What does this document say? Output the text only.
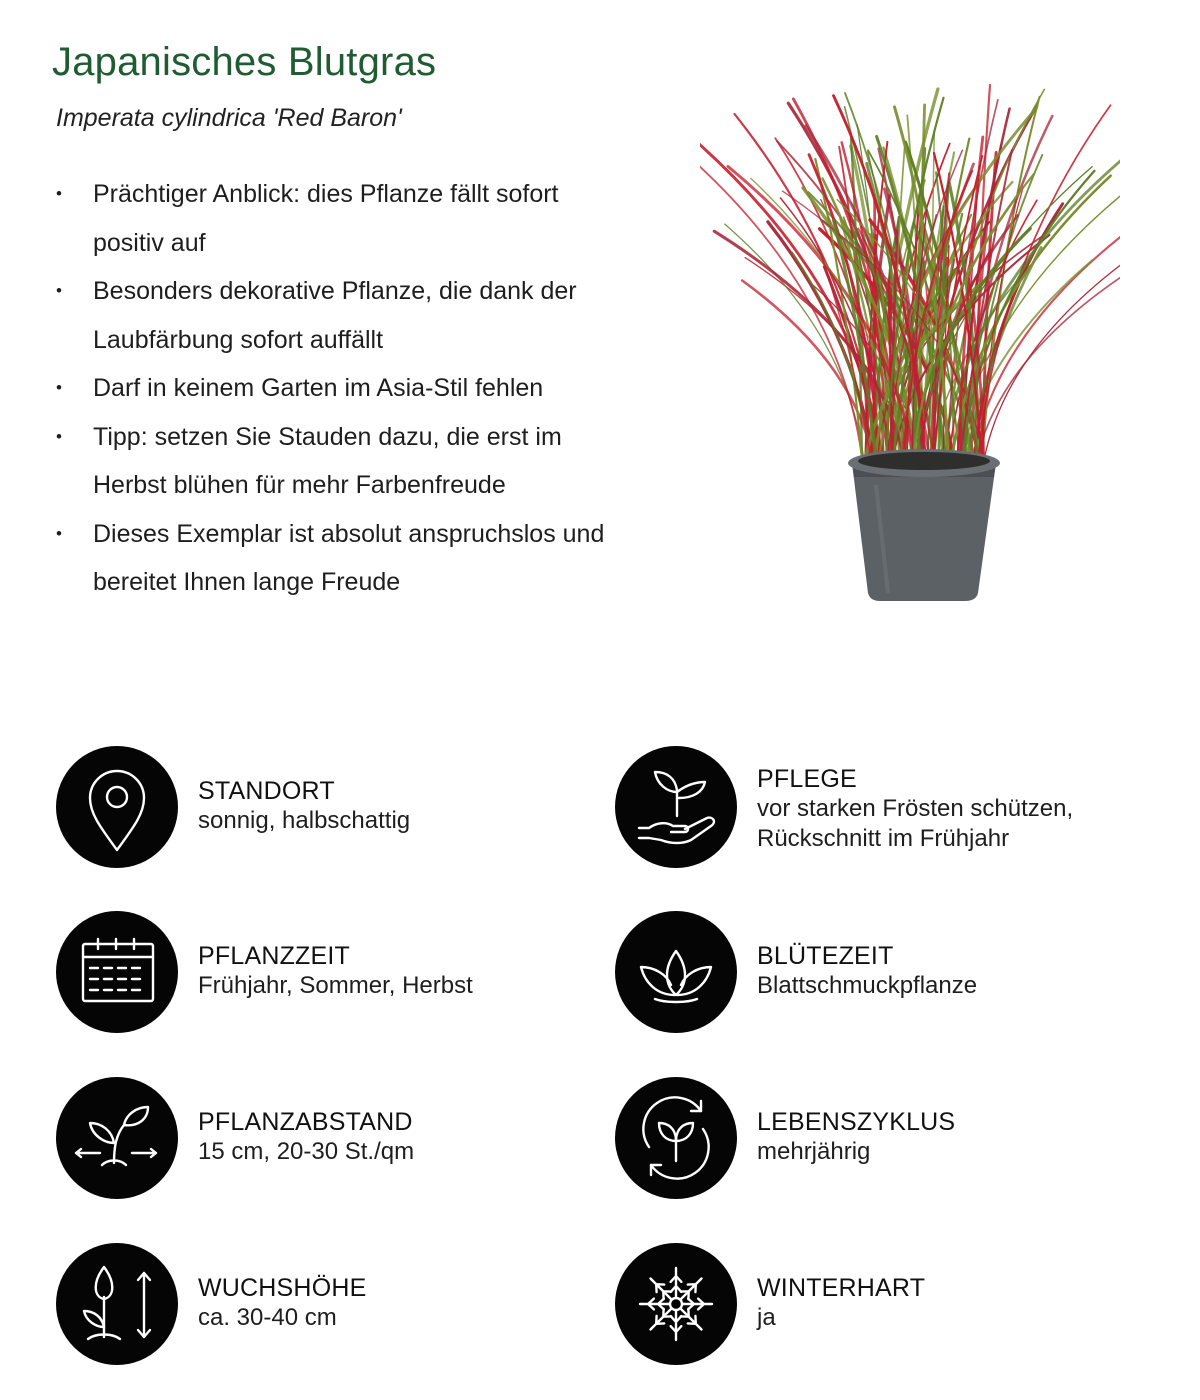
Japanisches Blutgras

Imperata cylindrica 'Red Baron'

• Prächtiger Anblick: dies Pflanze fällt sofort positiv auf
• Besonders dekorative Pflanze, die dank der Laubfärbung sofort auffällt
• Darf in keinem Garten im Asia-Stil fehlen
• Tipp: setzen Sie Stauden dazu, die erst im Herbst blühen für mehr Farbenfreude
• Dieses Exemplar ist absolut anspruchslos und bereitet Ihnen lange Freude
STANDORT
sonnig, halbschattig
PFLEGE
vor starken Frösten schützen, Rückschnitt im Frühjahr
PFLANZZEIT
Frühjahr, Sommer, Herbst
BLÜTEZEIT
Blattschmuckpflanze
PFLANZABSTAND
15 cm, 20-30 St./qm
LEBENSZYKLUS
mehrjährig
WUCHSHÖHE
ca. 30-40 cm
WINTERHART
ja
